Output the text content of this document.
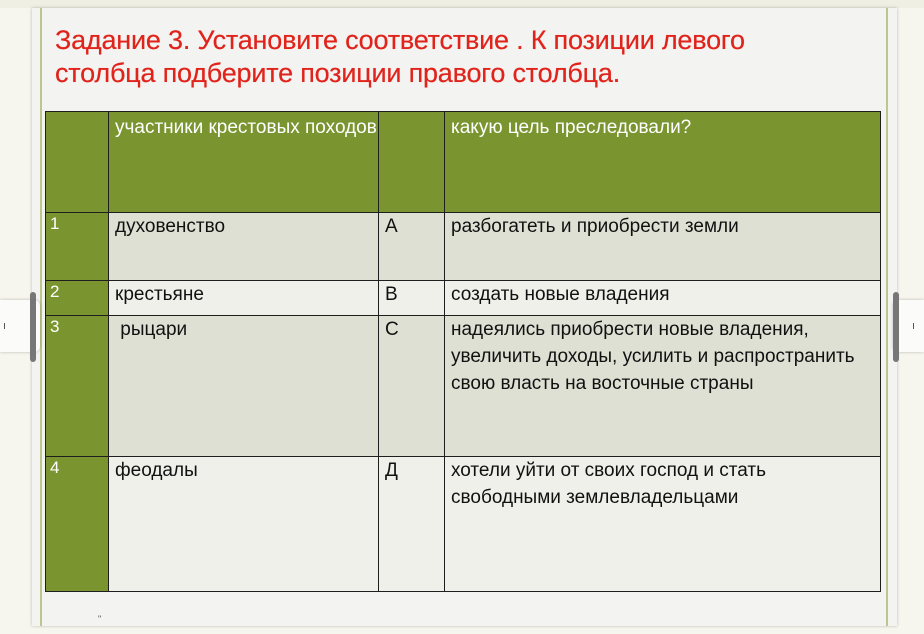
Задание 3. Установите соответствие . К позиции левого
столбца подберите позиции правого столбца.
	участники крестовых походов		какую цель преследовали?
1	духовенство	А	разбогатеть и приобрести земли
2	крестьяне	В	создать новые владения
3	рыцари	С	надеялись приобрести новые владения, увеличить доходы, усилить и распространить свою власть на восточные страны
4	феодалы	Д	хотели уйти от своих господ и стать свободными землевладельцами
"
